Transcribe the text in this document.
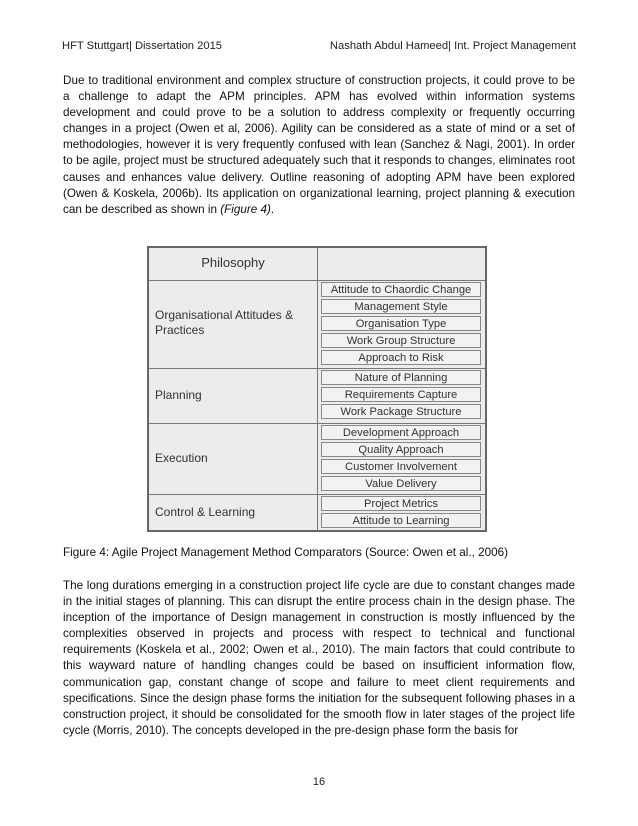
HFT Stuttgart| Dissertation 2015	Nashath Abdul Hameed| Int. Project Management

Due to traditional environment and complex structure of construction projects, it could prove to be a challenge to adapt the APM principles. APM has evolved within information systems development and could prove to be a solution to address complexity or frequently occurring changes in a project (Owen et al, 2006). Agility can be considered as a state of mind or a set of methodologies, however it is very frequently confused with lean (Sanchez & Nagi, 2001). In order to be agile, project must be structured adequately such that it responds to changes, eliminates root causes and enhances value delivery. Outline reasoning of adopting APM have been explored (Owen & Koskela, 2006b). Its application on organizational learning, project planning & execution can be described as shown in (Figure 4).

Philosophy
Organisational Attitudes & Practices
Attitude to Chaordic Change
Management Style
Organisation Type
Work Group Structure
Approach to Risk
Planning
Nature of Planning
Requirements Capture
Work Package Structure
Execution
Development Approach
Quality Approach
Customer Involvement
Value Delivery
Control & Learning
Project Metrics
Attitude to Learning
Figure 4: Agile Project Management Method Comparators (Source: Owen et al., 2006)

The long durations emerging in a construction project life cycle are due to constant changes made in the initial stages of planning. This can disrupt the entire process chain in the design phase. The inception of the importance of Design management in construction is mostly influenced by the complexities observed in projects and process with respect to technical and functional requirements (Koskela et al., 2002; Owen et al., 2010). The main factors that could contribute to this wayward nature of handling changes could be based on insufficient information flow, communication gap, constant change of scope and failure to meet client requirements and specifications. Since the design phase forms the initiation for the subsequent following phases in a construction project, it should be consolidated for the smooth flow in later stages of the project life cycle (Morris, 2010). The concepts developed in the pre-design phase form the basis for

16
